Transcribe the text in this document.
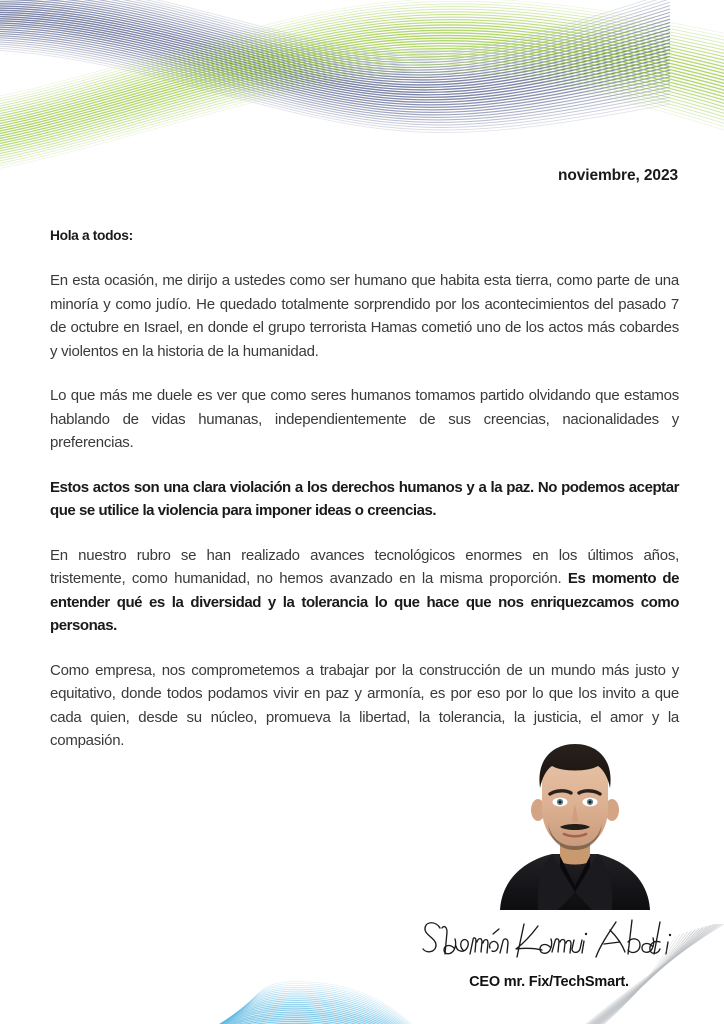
noviembre, 2023

Hola a todos:

En esta ocasión, me dirijo a ustedes como ser humano que habita esta tierra, como parte de una minoría y como judío. He quedado totalmente sorprendido por los acontecimientos del pasado 7 de octubre en Israel, en donde el grupo terrorista Hamas cometió uno de los actos más cobardes y violentos en la historia de la humanidad.

Lo que más me duele es ver que como seres humanos tomamos partido olvidando que estamos hablando de vidas humanas, independientemente de sus creencias, nacionalidades y preferencias.

Estos actos son una clara violación a los derechos humanos y a la paz. No podemos aceptar que se utilice la violencia para imponer ideas o creencias.

En nuestro rubro se han realizado avances tecnológicos enormes en los últimos años, tristemente, como humanidad, no hemos avanzado en la misma proporción. Es momento de entender qué es la diversidad y la tolerancia lo que hace que nos enriquezcamos como personas.

Como empresa, nos comprometemos a trabajar por la construcción de un mundo más justo y equitativo, donde todos podamos vivir en paz y armonía, es por eso por lo que los invito a que cada quien, desde su núcleo, promueva la libertad, la tolerancia, la justicia, el amor y la compasión.

CEO mr. Fix/TechSmart.
